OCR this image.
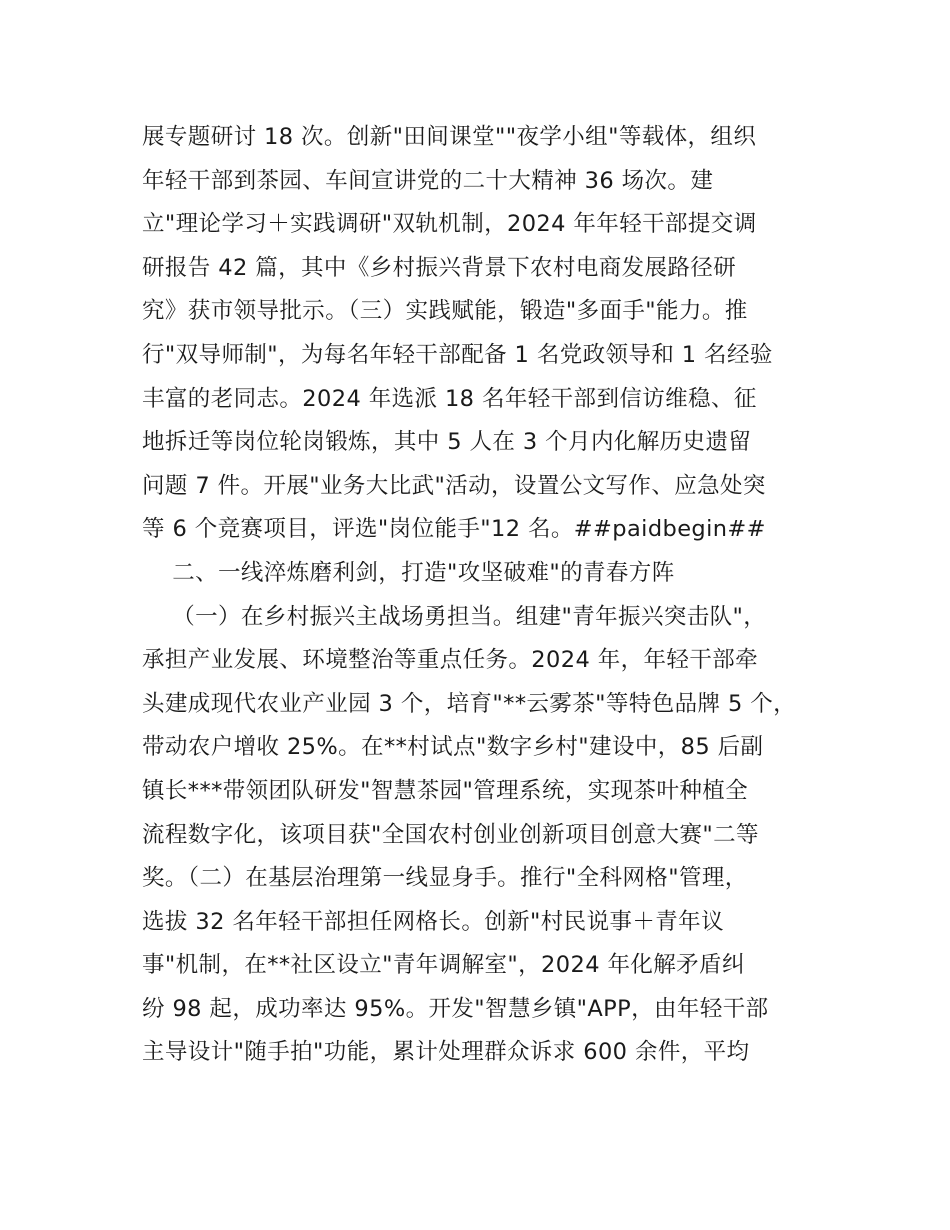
展专题研讨 18 次。创新"田间课堂""夜学小组"等载体，组织
年轻干部到茶园、车间宣讲党的二十大精神 36 场次。建
立"理论学习＋实践调研"双轨机制，2024 年年轻干部提交调
研报告 42 篇，其中《乡村振兴背景下农村电商发展路径研
究》获市领导批示。（三）实践赋能，锻造"多面手"能力。推
行"双导师制"，为每名年轻干部配备 1 名党政领导和 1 名经验
丰富的老同志。2024 年选派 18 名年轻干部到信访维稳、征
地拆迁等岗位轮岗锻炼，其中 5 人在 3 个月内化解历史遗留
问题 7 件。开展"业务大比武"活动，设置公文写作、应急处突
等 6 个竞赛项目，评选"岗位能手"12 名。##paidbegin##
二、一线淬炼磨利剑，打造"攻坚破难"的青春方阵
（一）在乡村振兴主战场勇担当。组建"青年振兴突击队"，
承担产业发展、环境整治等重点任务。2024 年，年轻干部牵
头建成现代农业产业园 3 个，培育"**云雾茶"等特色品牌 5 个，
带动农户增收 25%。在**村试点"数字乡村"建设中，85 后副
镇长***带领团队研发"智慧茶园"管理系统，实现茶叶种植全
流程数字化，该项目获"全国农村创业创新项目创意大赛"二等
奖。（二）在基层治理第一线显身手。推行"全科网格"管理，
选拔 32 名年轻干部担任网格长。创新"村民说事＋青年议
事"机制，在**社区设立"青年调解室"，2024 年化解矛盾纠
纷 98 起，成功率达 95%。开发"智慧乡镇"APP，由年轻干部
主导设计"随手拍"功能，累计处理群众诉求 600 余件，平均
